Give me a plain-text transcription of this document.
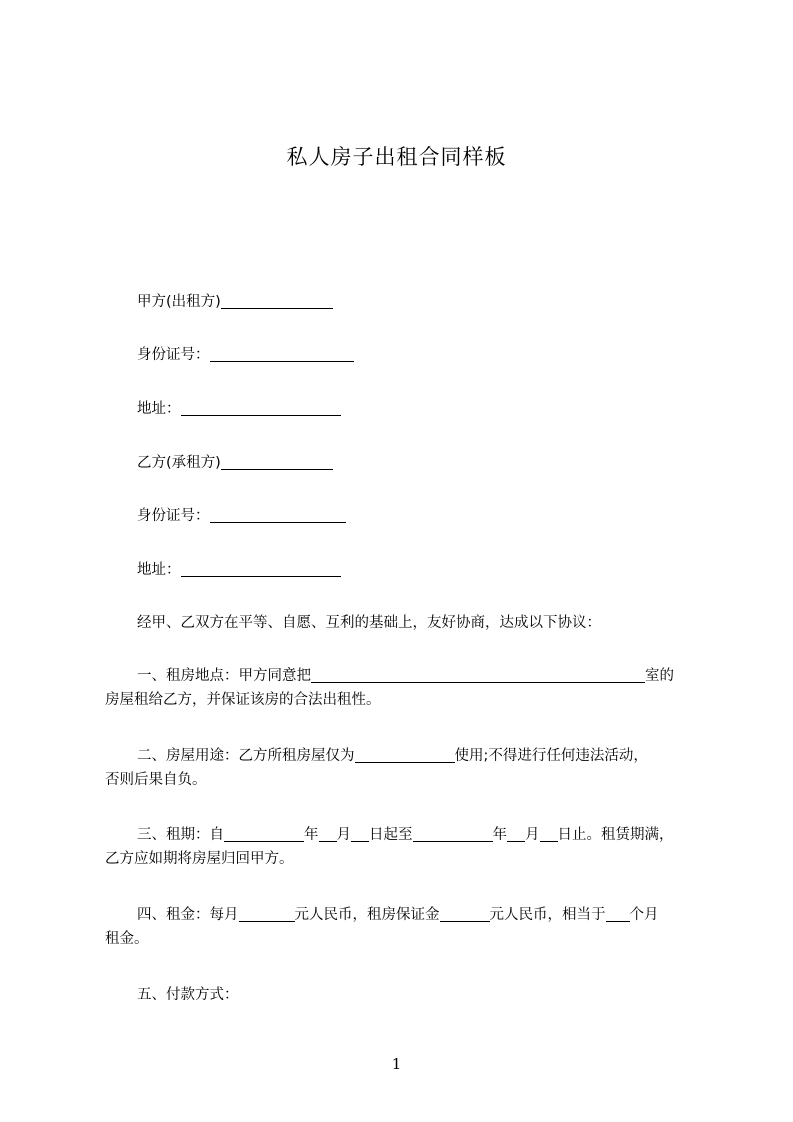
私人房子出租合同样板
甲方(出租方)
身份证号：
地址：
乙方(承租方)
身份证号：
地址：
经甲、乙双方在平等、自愿、互利的基础上，友好协商，达成以下协议：
一、租房地点：甲方同意把	室的
房屋租给乙方，并保证该房的合法出租性。
二、房屋用途：乙方所租房屋仅为	使用;不得进行任何违法活动，
否则后果自负。
三、租期：自	年 月 日起至	年 月 日止。租赁期满，
乙方应如期将房屋归回甲方。
四、租金：每月	元人民币，租房保证金	元人民币，相当于 个月
租金。
五、付款方式：
1
